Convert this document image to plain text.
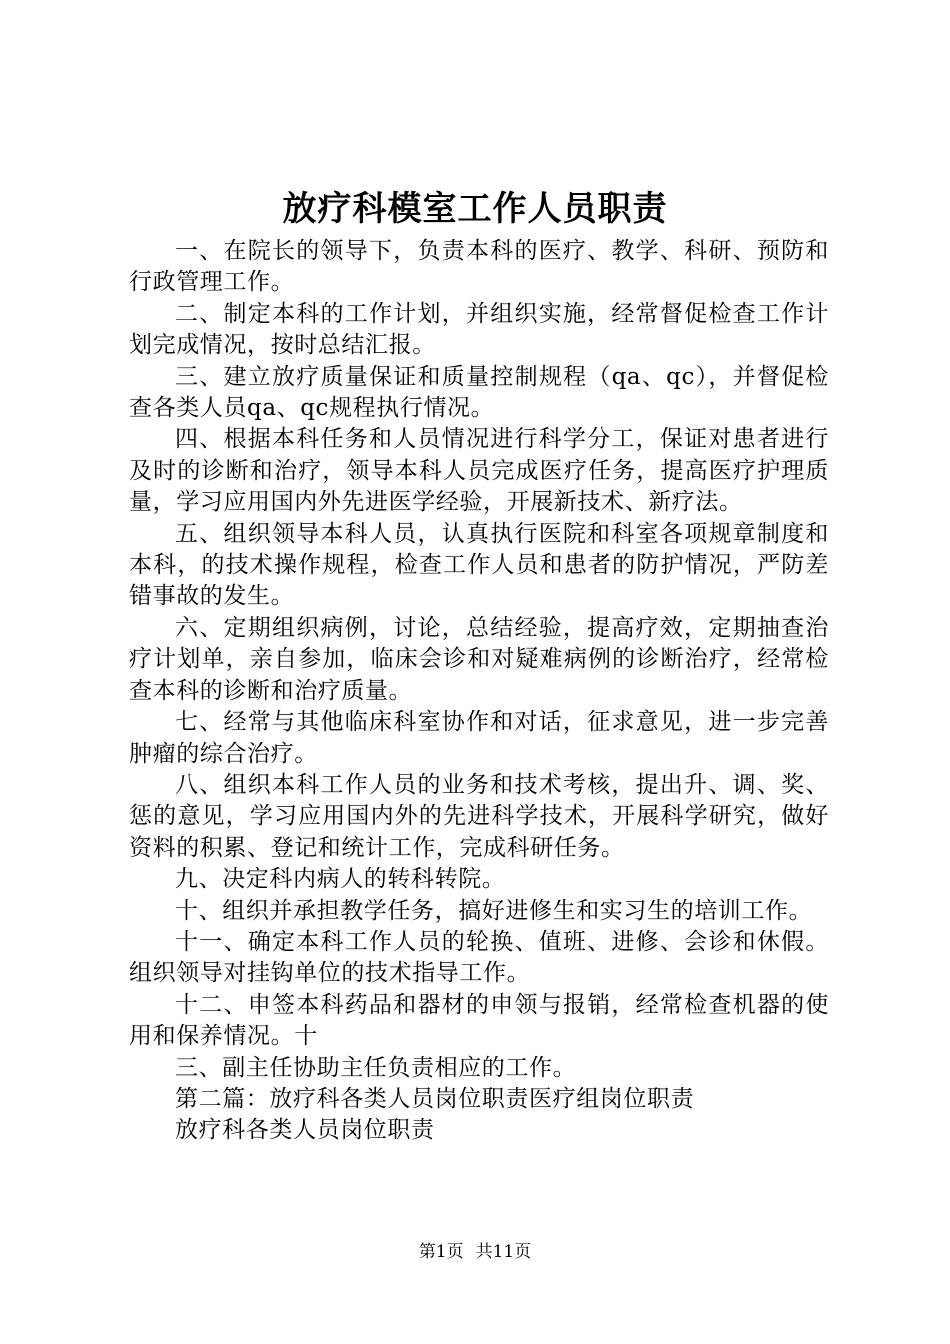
放疗科模室工作人员职责

一、在院长的领导下，负责本科的医疗、教学、科研、预防和行政管理工作。

二、制定本科的工作计划，并组织实施，经常督促检查工作计划完成情况，按时总结汇报。

三、建立放疗质量保证和质量控制规程（qa、qc），并督促检查各类人员qa、qc规程执行情况。

四、根据本科任务和人员情况进行科学分工，保证对患者进行及时的诊断和治疗，领导本科人员完成医疗任务，提高医疗护理质量，学习应用国内外先进医学经验，开展新技术、新疗法。

五、组织领导本科人员，认真执行医院和科室各项规章制度和本科，的技术操作规程，检查工作人员和患者的防护情况，严防差错事故的发生。

六、定期组织病例，讨论，总结经验，提高疗效，定期抽查治疗计划单，亲自参加，临床会诊和对疑难病例的诊断治疗，经常检查本科的诊断和治疗质量。

七、经常与其他临床科室协作和对话，征求意见，进一步完善肿瘤的综合治疗。

八、组织本科工作人员的业务和技术考核，提出升、调、奖、惩的意见，学习应用国内外的先进科学技术，开展科学研究，做好资料的积累、登记和统计工作，完成科研任务。

九、决定科内病人的转科转院。

十、组织并承担教学任务，搞好进修生和实习生的培训工作。

十一、确定本科工作人员的轮换、值班、进修、会诊和休假。组织领导对挂钩单位的技术指导工作。

十二、申签本科药品和器材的申领与报销，经常检查机器的使用和保养情况。十

三、副主任协助主任负责相应的工作。

第二篇：放疗科各类人员岗位职责医疗组岗位职责

放疗科各类人员岗位职责

第1页 共11页
